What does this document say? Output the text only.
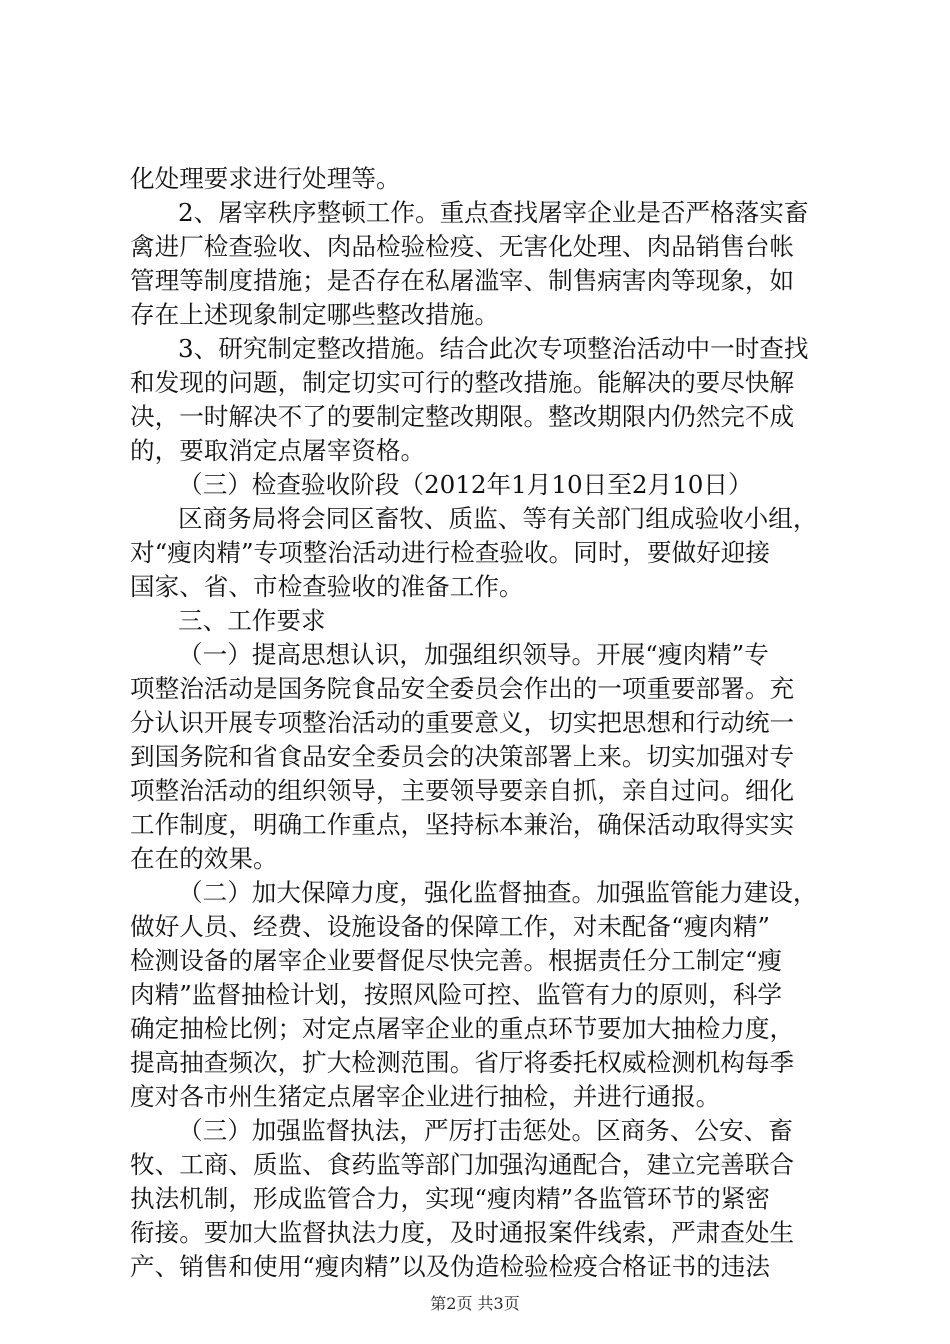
化处理要求进行处理等。
2、屠宰秩序整顿工作。重点查找屠宰企业是否严格落实畜
禽进厂检查验收、肉品检验检疫、无害化处理、肉品销售台帐
管理等制度措施；是否存在私屠滥宰、制售病害肉等现象，如
存在上述现象制定哪些整改措施。
3、研究制定整改措施。结合此次专项整治活动中一时查找
和发现的问题，制定切实可行的整改措施。能解决的要尽快解
决，一时解决不了的要制定整改期限。整改期限内仍然完不成
的，要取消定点屠宰资格。
（三）检查验收阶段（2012年1月10日至2月10日）
区商务局将会同区畜牧、质监、等有关部门组成验收小组，
对“瘦肉精”专项整治活动进行检查验收。同时，要做好迎接
国家、省、市检查验收的准备工作。
三、工作要求
（一）提高思想认识，加强组织领导。开展“瘦肉精”专
项整治活动是国务院食品安全委员会作出的一项重要部署。充
分认识开展专项整治活动的重要意义，切实把思想和行动统一
到国务院和省食品安全委员会的决策部署上来。切实加强对专
项整治活动的组织领导，主要领导要亲自抓，亲自过问。细化
工作制度，明确工作重点，坚持标本兼治，确保活动取得实实
在在的效果。
（二）加大保障力度，强化监督抽查。加强监管能力建设，
做好人员、经费、设施设备的保障工作，对未配备“瘦肉精”
检测设备的屠宰企业要督促尽快完善。根据责任分工制定“瘦
肉精”监督抽检计划，按照风险可控、监管有力的原则，科学
确定抽检比例；对定点屠宰企业的重点环节要加大抽检力度，
提高抽查频次，扩大检测范围。省厅将委托权威检测机构每季
度对各市州生猪定点屠宰企业进行抽检，并进行通报。
（三）加强监督执法，严厉打击惩处。区商务、公安、畜
牧、工商、质监、食药监等部门加强沟通配合，建立完善联合
执法机制，形成监管合力，实现“瘦肉精”各监管环节的紧密
衔接。要加大监督执法力度，及时通报案件线索，严肃查处生
产、销售和使用“瘦肉精”以及伪造检验检疫合格证书的违法
第2页 共3页
